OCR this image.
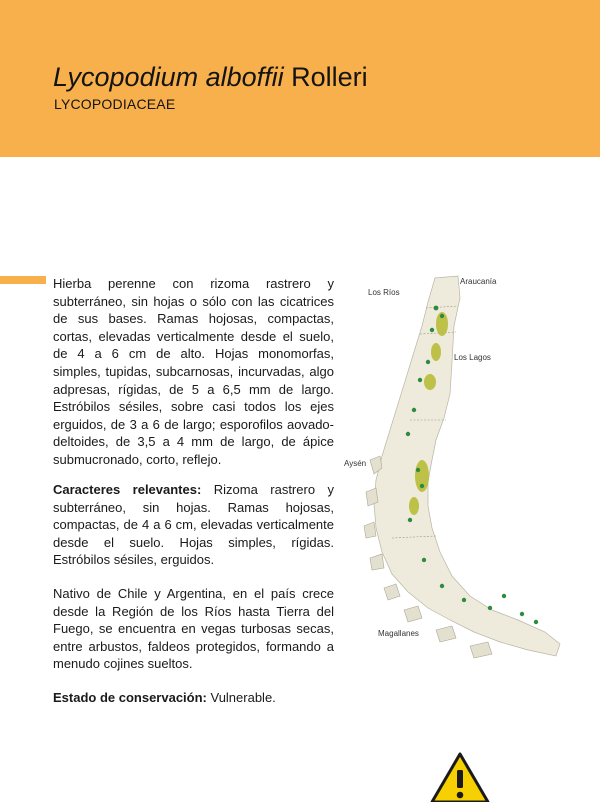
Lycopodium alboffii Rolleri
LYCOPODIACEAE
Hierba perenne con rizoma rastrero y subterráneo, sin hojas o sólo con las cicatrices de sus bases. Ramas hojosas, compactas, cortas, elevadas verticalmente desde el suelo, de 4 a 6 cm de alto. Hojas monomorfas, simples, tupidas, subcarnosas, incurvadas, algo adpresas, rígidas, de 5 a 6,5 mm de largo. Estróbilos sésiles, sobre casi todos los ejes erguidos, de 3 a 6 de largo; esporofilos aovado-deltoides, de 3,5 a 4 mm de largo, de ápice submucronado, corto, reflejo.
Caracteres relevantes: Rizoma rastrero y subterráneo, sin hojas. Ramas hojosas, compactas, de 4 a 6 cm, elevadas verticalmente desde el suelo. Hojas simples, rígidas. Estróbilos sésiles, erguidos.
Nativo de Chile y Argentina, en el país crece desde la Región de los Ríos hasta Tierra del Fuego, se encuentra en vegas turbosas secas, entre arbustos, faldeos protegidos, formando a menudo cojines sueltos.
Estado de conservación: Vulnerable.
Araucanía
Los Ríos
Los Lagos
Aysén
Magallanes
